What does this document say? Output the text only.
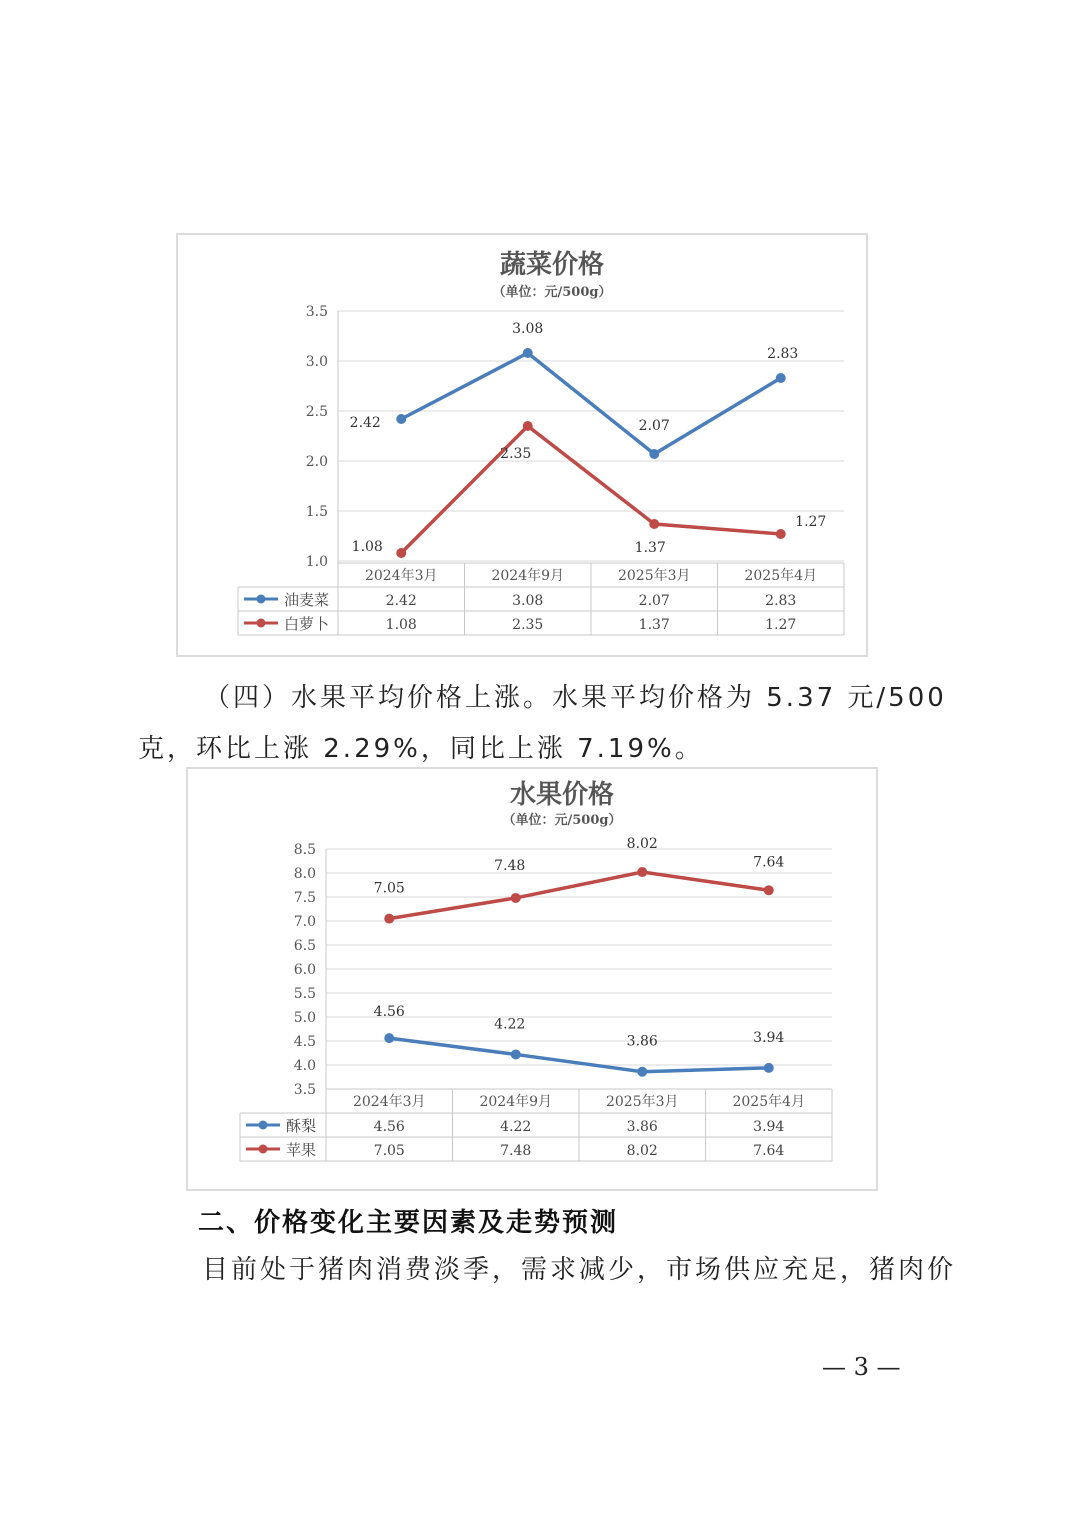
蔬菜价格
（单位：元/500g）
1.0
1.5
2.0
2.5
3.0
3.5
2024年3月	2024年9月	2025年3月	2025年4月
油麦菜	2.42	3.08	2.07	2.83
2.42
3.08
2.07
2.83
白萝卜	1.08	2.35	1.37	1.27
1.08
2.35
1.37
1.27
（四）水果平均价格上涨。水果平均价格为 5.37 元/500
克，环比上涨 2.29%，同比上涨 7.19%。
水果价格
（单位：元/500g）
3.5
4.0
4.5
5.0
5.5
6.0
6.5
7.0
7.5
8.0
8.5
2024年3月	2024年9月	2025年3月	2025年4月
酥梨	4.56	4.22	3.86	3.94
4.56
4.22
3.86	3.94
苹果	7.05	7.48	8.02	7.64
7.05
7.48
8.02
7.64
二、价格变化主要因素及走势预测
目前处于猪肉消费淡季，需求减少，市场供应充足，猪肉价
— 3 —
